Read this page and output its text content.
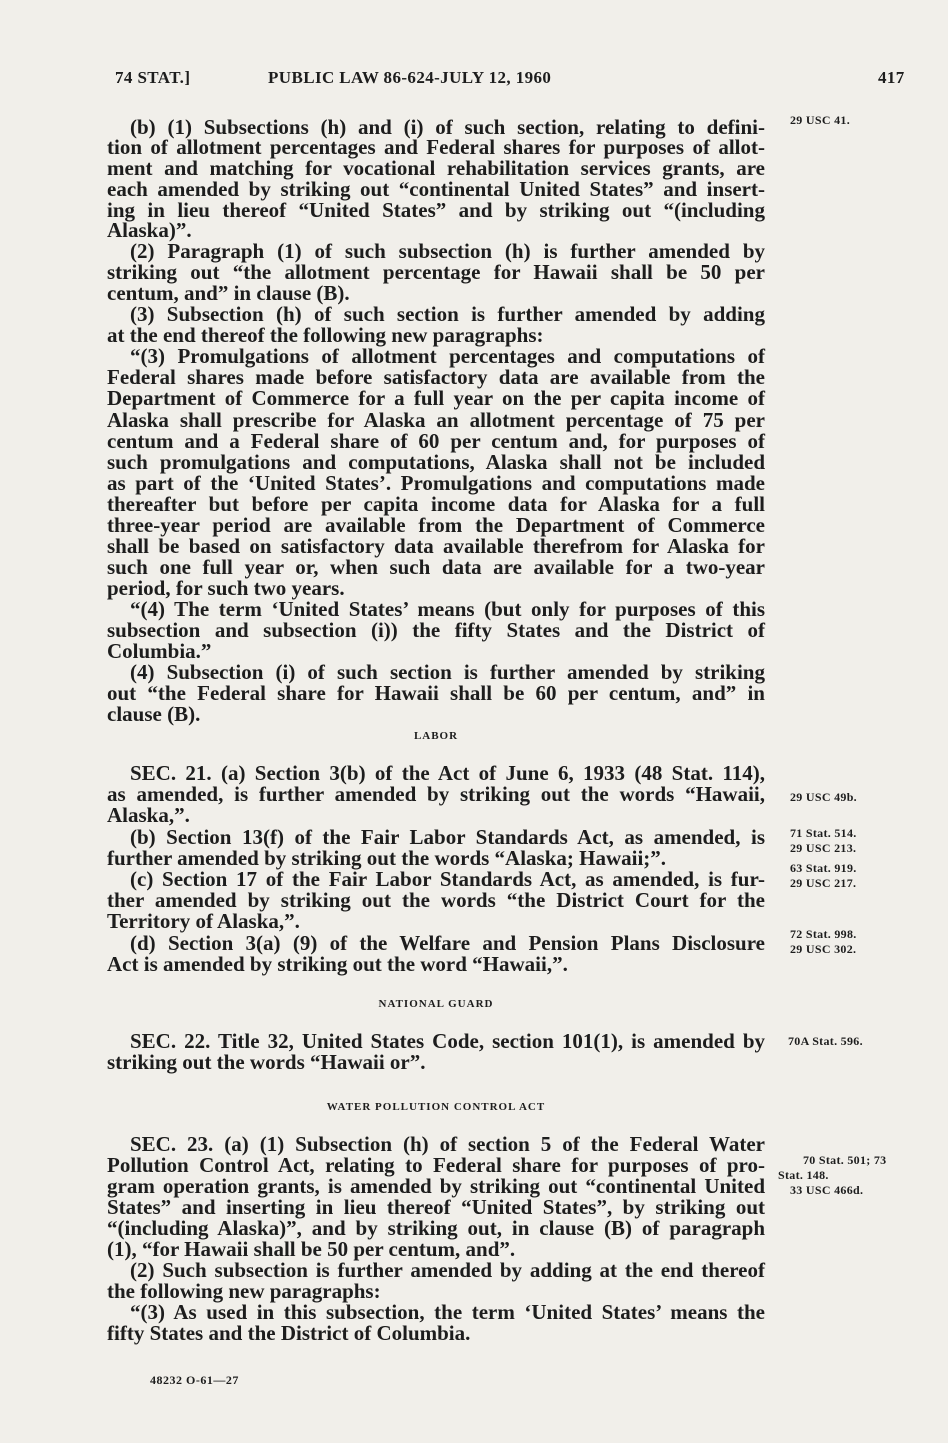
74 STAT.]	PUBLIC LAW 86-624-JULY 12, 1960	417
(b) (1) Subsections (h) and (i) of such section, relating to defini-
tion of allotment percentages and Federal shares for purposes of allot-
ment and matching for vocational rehabilitation services grants, are
each amended by striking out “continental United States” and insert-
ing in lieu thereof “United States” and by striking out “(including
Alaska)”.
(2) Paragraph (1) of such subsection (h) is further amended by
striking out “the allotment percentage for Hawaii shall be 50 per
centum, and” in clause (B).
(3) Subsection (h) of such section is further amended by adding
at the end thereof the following new paragraphs:
“(3) Promulgations of allotment percentages and computations of
Federal shares made before satisfactory data are available from the
Department of Commerce for a full year on the per capita income of
Alaska shall prescribe for Alaska an allotment percentage of 75 per
centum and a Federal share of 60 per centum and, for purposes of
such promulgations and computations, Alaska shall not be included
as part of the ‘United States’. Promulgations and computations made
thereafter but before per capita income data for Alaska for a full
three-year period are available from the Department of Commerce
shall be based on satisfactory data available therefrom for Alaska for
such one full year or, when such data are available for a two-year
period, for such two years.
“(4) The term ‘United States’ means (but only for purposes of this
subsection and subsection (i)) the fifty States and the District of
Columbia.”
(4) Subsection (i) of such section is further amended by striking
out “the Federal share for Hawaii shall be 60 per centum, and” in
clause (B).
LABOR
SEC. 21. (a) Section 3(b) of the Act of June 6, 1933 (48 Stat. 114),
as amended, is further amended by striking out the words “Hawaii,
Alaska,”.
(b) Section 13(f) of the Fair Labor Standards Act, as amended, is
further amended by striking out the words “Alaska; Hawaii;”.
(c) Section 17 of the Fair Labor Standards Act, as amended, is fur-
ther amended by striking out the words “the District Court for the
Territory of Alaska,”.
(d) Section 3(a) (9) of the Welfare and Pension Plans Disclosure
Act is amended by striking out the word “Hawaii,”.
NATIONAL GUARD
SEC. 22. Title 32, United States Code, section 101(1), is amended by
striking out the words “Hawaii or”.
WATER POLLUTION CONTROL ACT
SEC. 23. (a) (1) Subsection (h) of section 5 of the Federal Water
Pollution Control Act, relating to Federal share for purposes of pro-
gram operation grants, is amended by striking out “continental United
States” and inserting in lieu thereof “United States”, by striking out
“(including Alaska)”, and by striking out, in clause (B) of paragraph
(1), “for Hawaii shall be 50 per centum, and”.
(2) Such subsection is further amended by adding at the end thereof
the following new paragraphs:
“(3) As used in this subsection, the term ‘United States’ means the
fifty States and the District of Columbia.
29 USC 41.
29 USC 49b.
71 Stat. 514.
29 USC 213.
63 Stat. 919.
29 USC 217.
72 Stat. 998.
29 USC 302.
70A Stat. 596.
70 Stat. 501; 73
Stat. 148.
33 USC 466d.
48232 O-61—27
